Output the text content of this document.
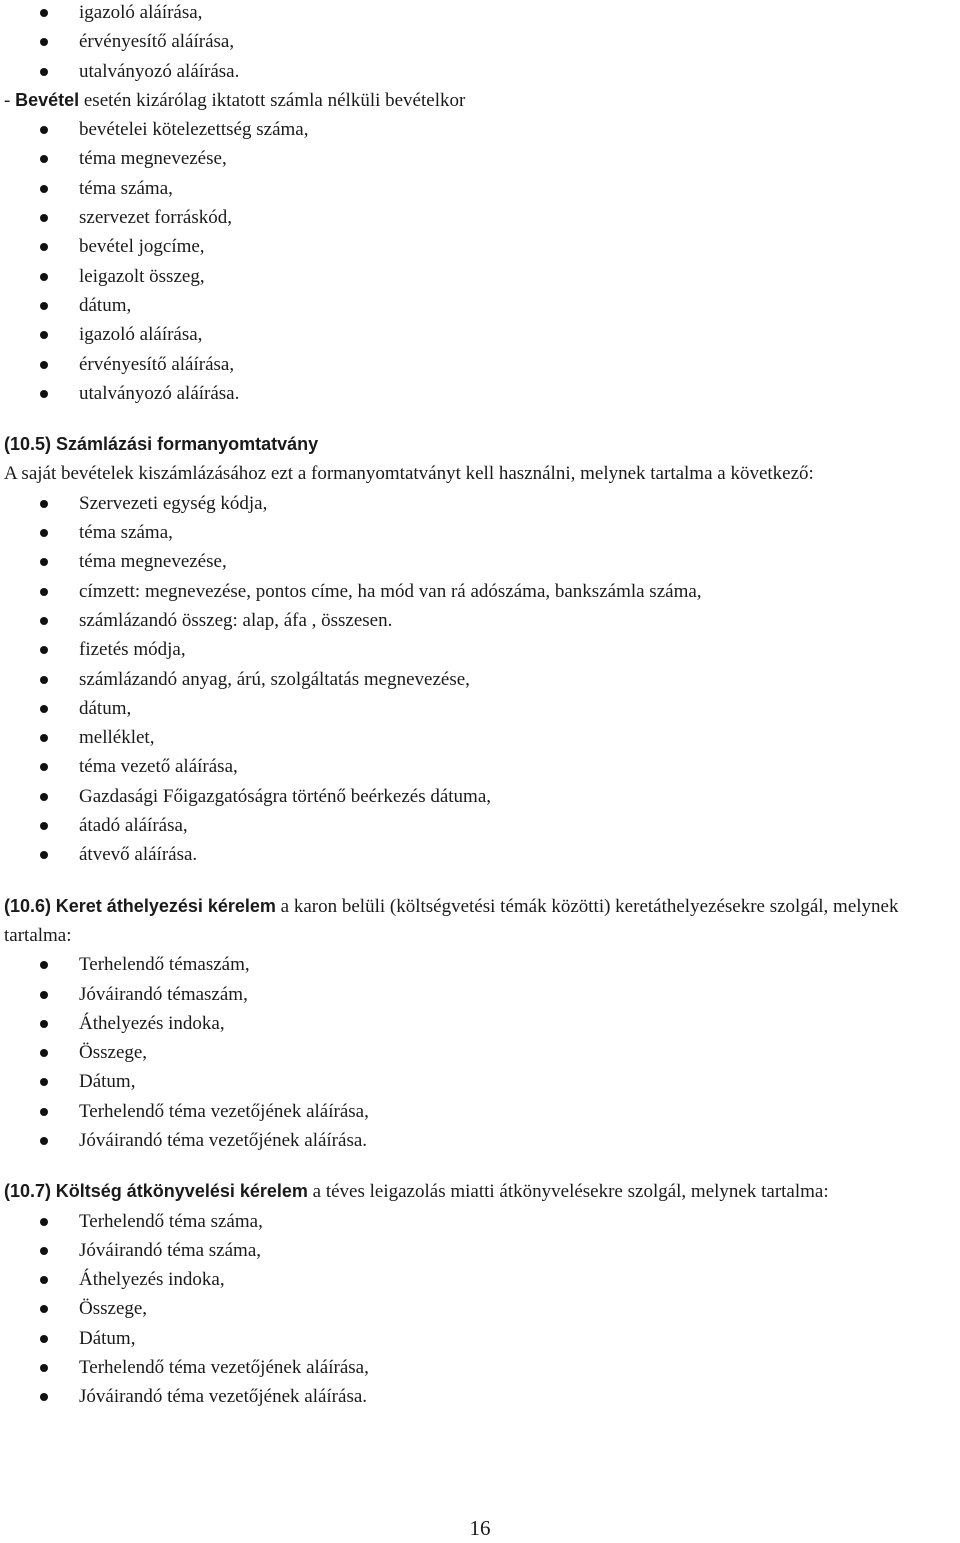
igazoló aláírása,
érvényesítő aláírása,
utalványozó aláírása.

- Bevétel esetén kizárólag iktatott számla nélküli bevételkor

bevételei kötelezettség száma,
téma megnevezése,
téma száma,
szervezet forráskód,
bevétel jogcíme,
leigazolt összeg,
dátum,
igazoló aláírása,
érvényesítő aláírása,
utalványozó aláírása.

(10.5) Számlázási formanyomtatvány

A saját bevételek kiszámlázásához ezt a formanyomtatványt kell használni, melynek tartalma a következő:

Szervezeti egység kódja,
téma száma,
téma megnevezése,
címzett: megnevezése, pontos címe, ha mód van rá adószáma, bankszámla száma,
számlázandó összeg: alap, áfa , összesen.
fizetés módja,
számlázandó anyag, árú, szolgáltatás megnevezése,
dátum,
melléklet,
téma vezető aláírása,
Gazdasági Főigazgatóságra történő beérkezés dátuma,
átadó aláírása,
átvevő aláírása.

(10.6) Keret áthelyezési kérelem a karon belüli (költségvetési témák közötti) keretáthelyezésekre szolgál, melynek tartalma:

Terhelendő témaszám,
Jóváirandó témaszám,
Áthelyezés indoka,
Összege,
Dátum,
Terhelendő téma vezetőjének aláírása,
Jóváirandó téma vezetőjének aláírása.

(10.7) Költség átkönyvelési kérelem a téves leigazolás miatti átkönyvelésekre szolgál, melynek tartalma:

Terhelendő téma száma,
Jóváirandó téma száma,
Áthelyezés indoka,
Összege,
Dátum,
Terhelendő téma vezetőjének aláírása,
Jóváirandó téma vezetőjének aláírása.
16
